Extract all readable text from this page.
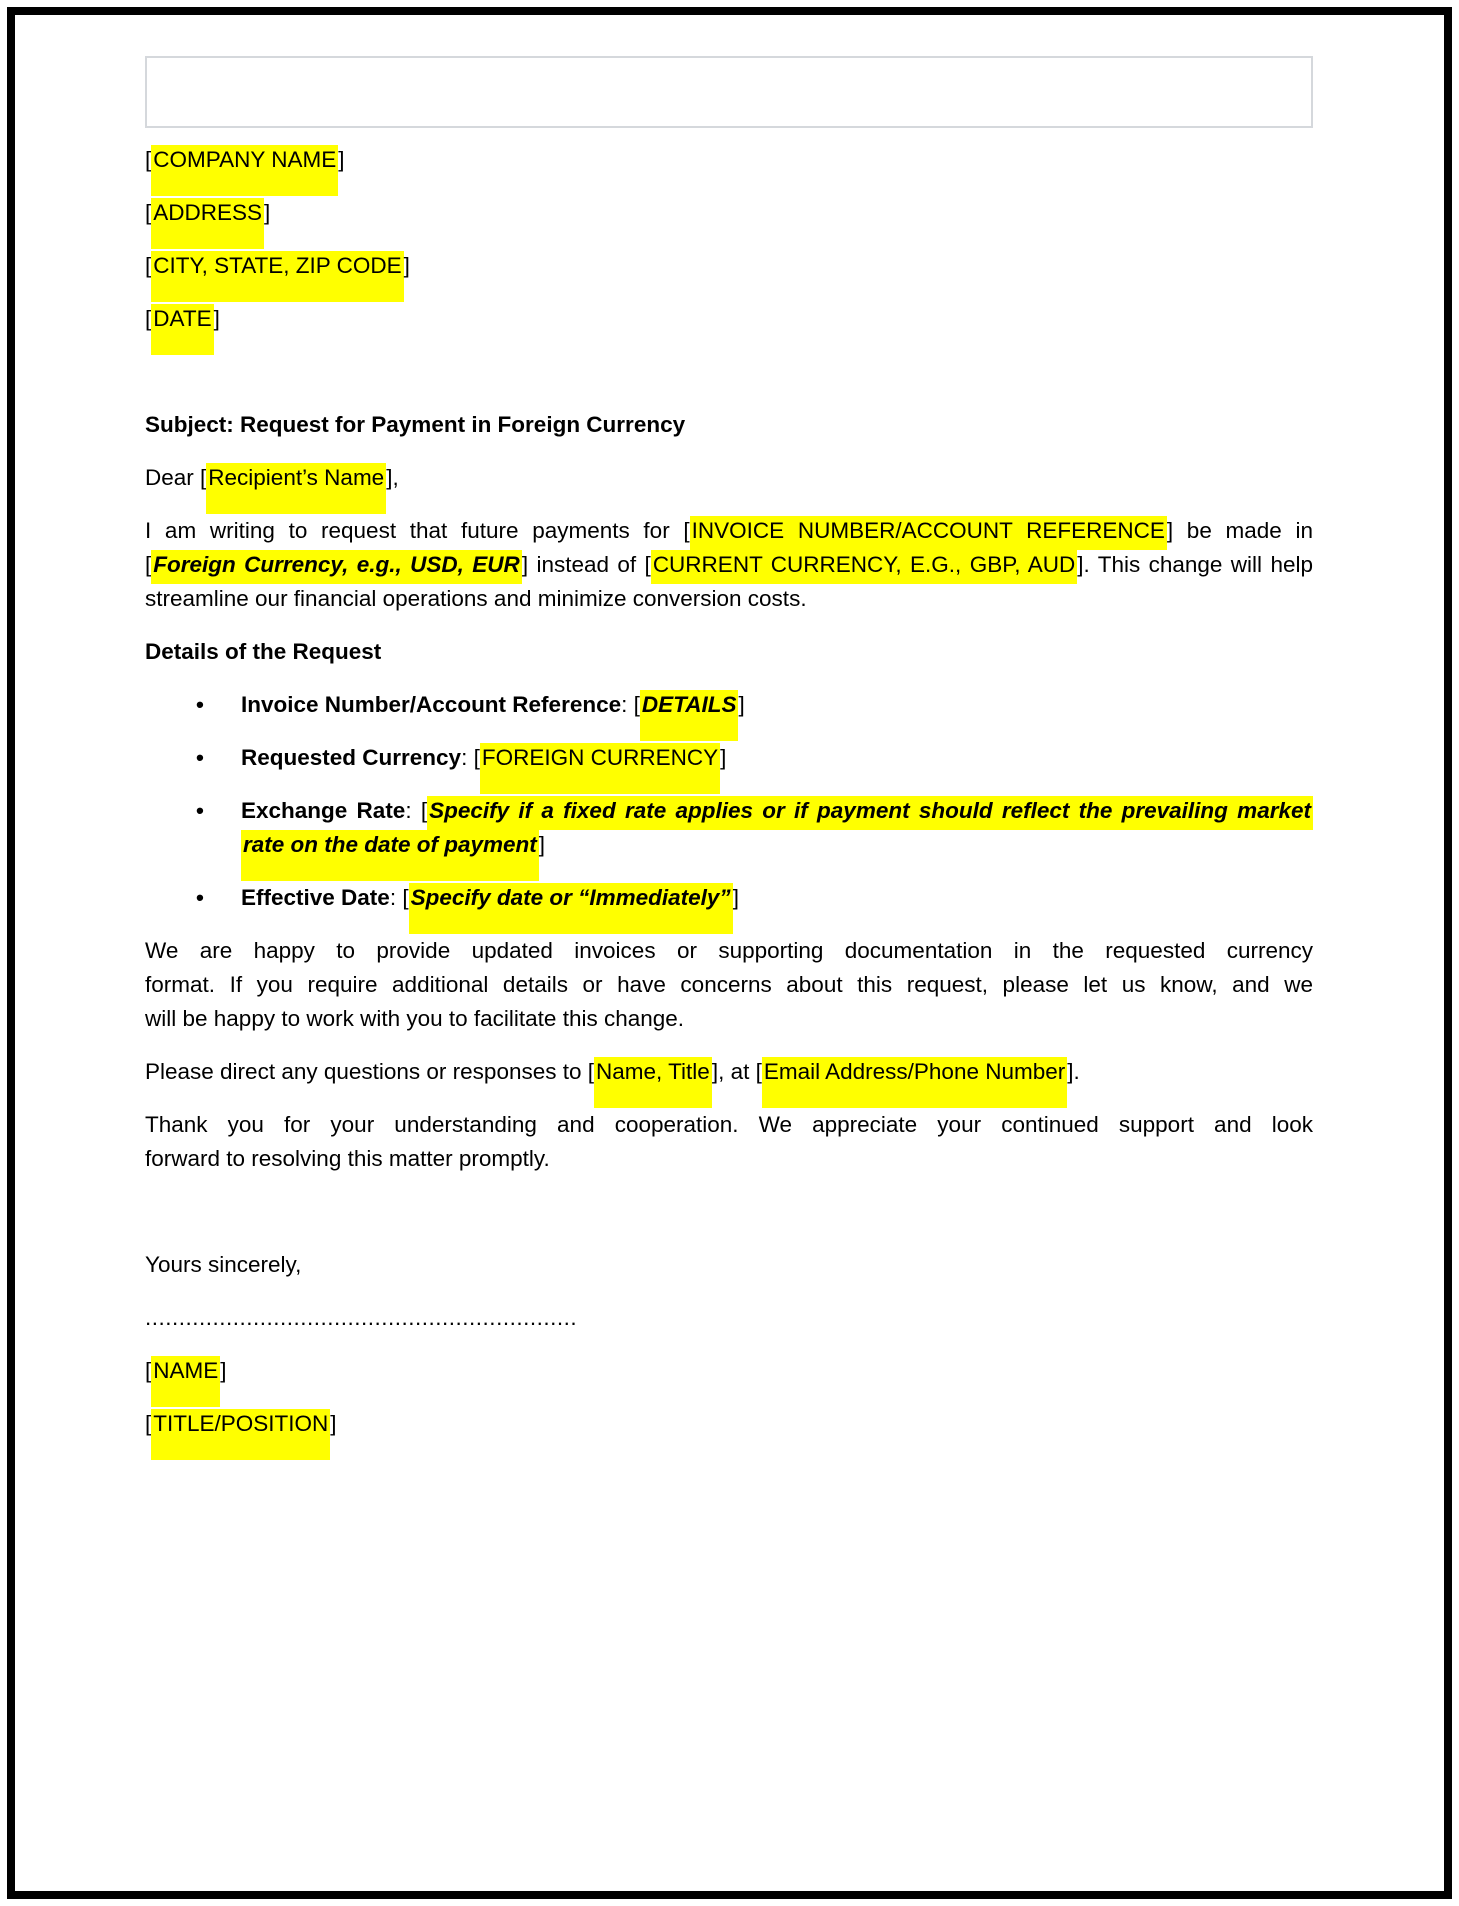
[COMPANY NAME]
[ADDRESS]
[CITY, STATE, ZIP CODE]
[DATE]
Subject: Request for Payment in Foreign Currency
Dear [Recipient’s Name],
I am writing to request that future payments for [INVOICE NUMBER/ACCOUNT REFERENCE] be made in
[Foreign Currency, e.g., USD, EUR] instead of [CURRENT CURRENCY, E.G., GBP, AUD]. This change will help
streamline our financial operations and minimize conversion costs.
Details of the Request
• Invoice Number/Account Reference: [DETAILS]
• Requested Currency: [FOREIGN CURRENCY]
• Exchange Rate: [Specify if a fixed rate applies or if payment should reflect the prevailing market
rate on the date of payment]
• Effective Date: [Specify date or “Immediately”]
We are happy to provide updated invoices or supporting documentation in the requested currency
format. If you require additional details or have concerns about this request, please let us know, and we
will be happy to work with you to facilitate this change.
Please direct any questions or responses to [Name, Title], at [Email Address/Phone Number].
Thank you for your understanding and cooperation. We appreciate your continued support and look
forward to resolving this matter promptly.
Yours sincerely,
................................................................
[NAME]
[TITLE/POSITION]
